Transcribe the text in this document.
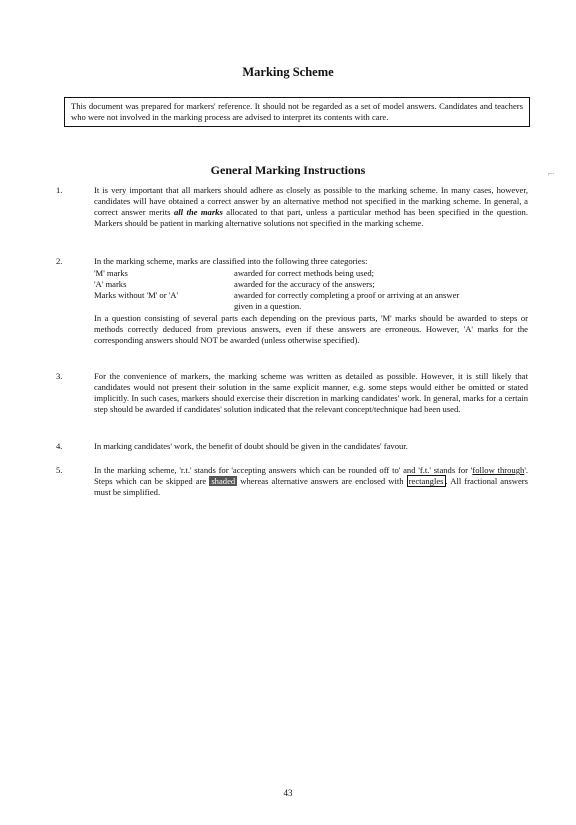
Marking Scheme
This document was prepared for markers' reference. It should not be regarded as a set of model answers. Candidates and teachers who were not involved in the marking process are advised to interpret its contents with care.
General Marking Instructions	⌐·
1.	It is very important that all markers should adhere as closely as possible to the marking scheme. In many cases, however, candidates will have obtained a correct answer by an alternative method not specified in the marking scheme. In general, a correct answer merits all the marks allocated to that part, unless a particular method has been specified in the question. Markers should be patient in marking alternative solutions not specified in the marking scheme.
2.	In the marking scheme, marks are classified into the following three categories:
'M' marks	awarded for correct methods being used;
'A' marks	awarded for the accuracy of the answers;
Marks without 'M' or 'A'	awarded for correctly completing a proof or arriving at an answer given in a question.
In a question consisting of several parts each depending on the previous parts, 'M' marks should be awarded to steps or methods correctly deduced from previous answers, even if these answers are erroneous. However, 'A' marks for the corresponding answers should NOT be awarded (unless otherwise specified).
3.	For the convenience of markers, the marking scheme was written as detailed as possible. However, it is still likely that candidates would not present their solution in the same explicit manner, e.g. some steps would either be omitted or stated implicitly. In such cases, markers should exercise their discretion in marking candidates' work. In general, marks for a certain step should be awarded if candidates' solution indicated that the relevant concept/technique had been used.
4.	In marking candidates' work, the benefit of doubt should be given in the candidates' favour.
5.	In the marking scheme, 'r.t.' stands for 'accepting answers which can be rounded off to' and 'f.t.' stands for 'follow through'. Steps which can be skipped are shaded whereas alternative answers are enclosed with rectangles . All fractional answers must be simplified.
43
